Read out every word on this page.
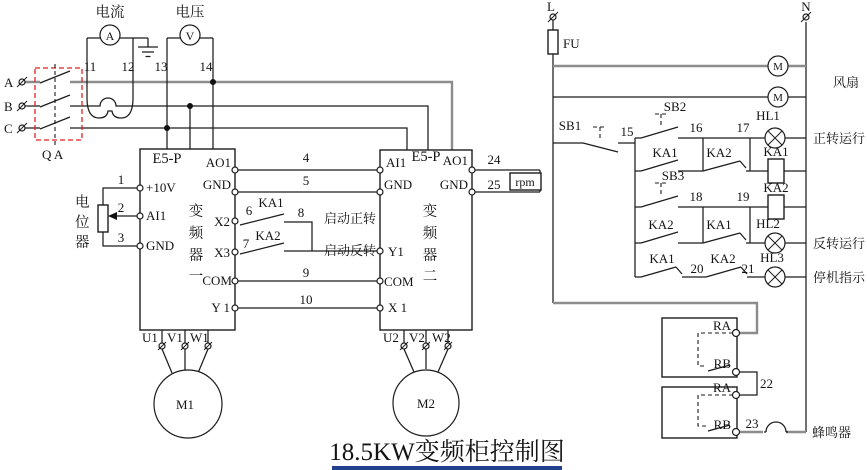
A
B
C
Q A
A
电流
11 12
V
电压
13 14
电
位
器
1
2
3
E5-P
变
频
器
一
+10V
AI1
GND
AO1
GND
X2
X3
COM
Y 1
4
5
6
KA1
8
7
KA2
启动正转
启动反转
9
10
AI1 E5-P AO1
GND GND
Y1
COM
X 1
变
频
器
二
rpm
24
25
U1 V1 W1
M1
U2 V2 W2
M2
L	N
FU
M
M
风扇
SB1	15
SB2
16	17
HL1
正转运行
KA1 KA2 KA1
SB3
18	19
KA2
KA2	KA1 HL2
反转运行
KA1
20
KA2
21
HL3
停机指示
RA
RB
22
RA
RB 23
蜂鸣器
18.5KW变频柜控制图
